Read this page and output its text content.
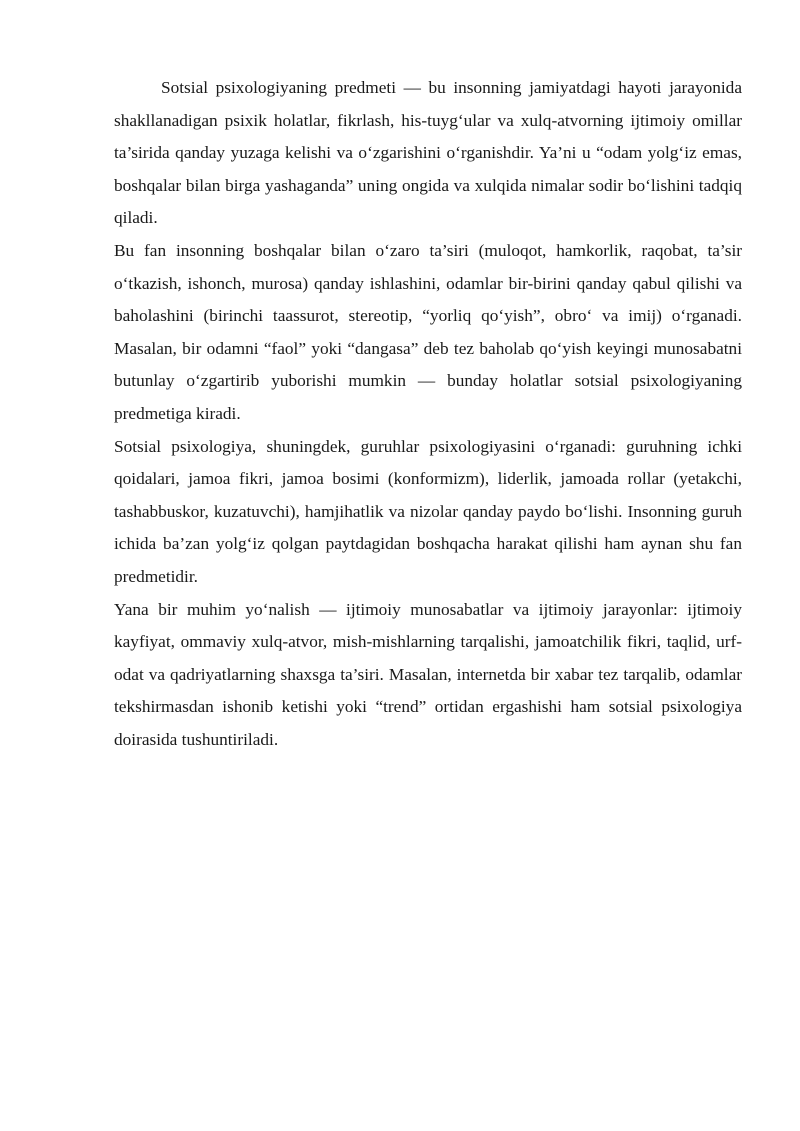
Sotsial psixologiyaning predmeti — bu insonning jamiyatdagi hayoti jarayonida shakllanadigan psixik holatlar, fikrlash, his-tuyg‘ular va xulq-atvorning ijtimoiy omillar ta’sirida qanday yuzaga kelishi va o‘zgarishini o‘rganishdir. Ya’ni u “odam yolg‘iz emas, boshqalar bilan birga yashaganda” uning ongida va xulqida nimalar sodir bo‘lishini tadqiq qiladi.

Bu fan insonning boshqalar bilan o‘zaro ta’siri (muloqot, hamkorlik, raqobat, ta’sir o‘tkazish, ishonch, murosa) qanday ishlashini, odamlar bir-birini qanday qabul qilishi va baholashini (birinchi taassurot, stereotip, “yorliq qo‘yish”, obro‘ va imij) o‘rganadi. Masalan, bir odamni “faol” yoki “dangasa” deb tez baholab qo‘yish keyingi munosabatni butunlay o‘zgartirib yuborishi mumkin — bunday holatlar sotsial psixologiyaning predmetiga kiradi.

Sotsial psixologiya, shuningdek, guruhlar psixologiyasini o‘rganadi: guruhning ichki qoidalari, jamoa fikri, jamoa bosimi (konformizm), liderlik, jamoada rollar (yetakchi, tashabbuskor, kuzatuvchi), hamjihatlik va nizolar qanday paydo bo‘lishi. Insonning guruh ichida ba’zan yolg‘iz qolgan paytdagidan boshqacha harakat qilishi ham aynan shu fan predmetidir.

Yana bir muhim yo‘nalish — ijtimoiy munosabatlar va ijtimoiy jarayonlar: ijtimoiy kayfiyat, ommaviy xulq-atvor, mish-mishlarning tarqalishi, jamoatchilik fikri, taqlid, urf-odat va qadriyatlarning shaxsga ta’siri. Masalan, internetda bir xabar tez tarqalib, odamlar tekshirmasdan ishonib ketishi yoki “trend” ortidan ergashishi ham sotsial psixologiya doirasida tushuntiriladi.
